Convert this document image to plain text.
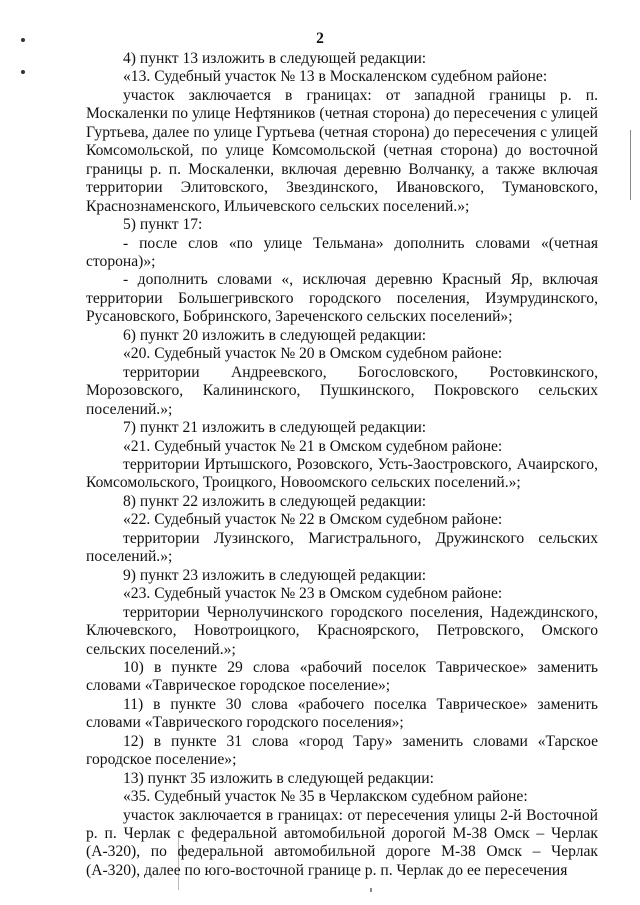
2

4) пункт 13 изложить в следующей редакции:

«13. Судебный участок № 13 в Москаленском судебном районе:

участок заключается в границах: от западной границы р. п. Москаленки по улице Нефтяников (четная сторона) до пересечения с улицей Гуртьева, далее по улице Гуртьева (четная сторона) до пересечения с улицей Комсомольской, по улице Комсомольской (четная сторона) до восточной границы р. п. Москаленки, включая деревню Волчанку, а также включая территории Элитовского, Звездинского, Ивановского, Тумановского, Краснознаменского, Ильичевского сельских поселений.»;

5) пункт 17:

- после слов «по улице Тельмана» дополнить словами «(четная сторона)»;

- дополнить словами «, исключая деревню Красный Яр, включая территории Большегривского городского поселения, Изумрудинского, Русановского, Бобринского, Зареченского сельских поселений»;

6) пункт 20 изложить в следующей редакции:

«20. Судебный участок № 20 в Омском судебном районе:

территории Андреевского, Богословского, Ростовкинского, Морозовского, Калининского, Пушкинского, Покровского сельских поселений.»;

7) пункт 21 изложить в следующей редакции:

«21. Судебный участок № 21 в Омском судебном районе:

территории Иртышского, Розовского, Усть-Заостровского, Ачаирского, Комсомольского, Троицкого, Новоомского сельских поселений.»;

8) пункт 22 изложить в следующей редакции:

«22. Судебный участок № 22 в Омском судебном районе:

территории Лузинского, Магистрального, Дружинского сельских поселений.»;

9) пункт 23 изложить в следующей редакции:

«23. Судебный участок № 23 в Омском судебном районе:

территории Чернолучинского городского поселения, Надеждинского, Ключевского, Новотроицкого, Красноярского, Петровского, Омского сельских поселений.»;

10) в пункте 29 слова «рабочий поселок Таврическое» заменить словами «Таврическое городское поселение»;

11) в пункте 30 слова «рабочего поселка Таврическое» заменить словами «Таврического городского поселения»;

12) в пункте 31 слова «город Тару» заменить словами «Тарское городское поселение»;

13) пункт 35 изложить в следующей редакции:

«35. Судебный участок № 35 в Черлакском судебном районе:

участок заключается в границах: от пересечения улицы 2-й Восточной р. п. Черлак с федеральной автомобильной дорогой М-38 Омск – Черлак (А-320), по федеральной автомобильной дороге М-38 Омск – Черлак (А-320), далее по юго-восточной границе р. п. Черлак до ее пересечения
